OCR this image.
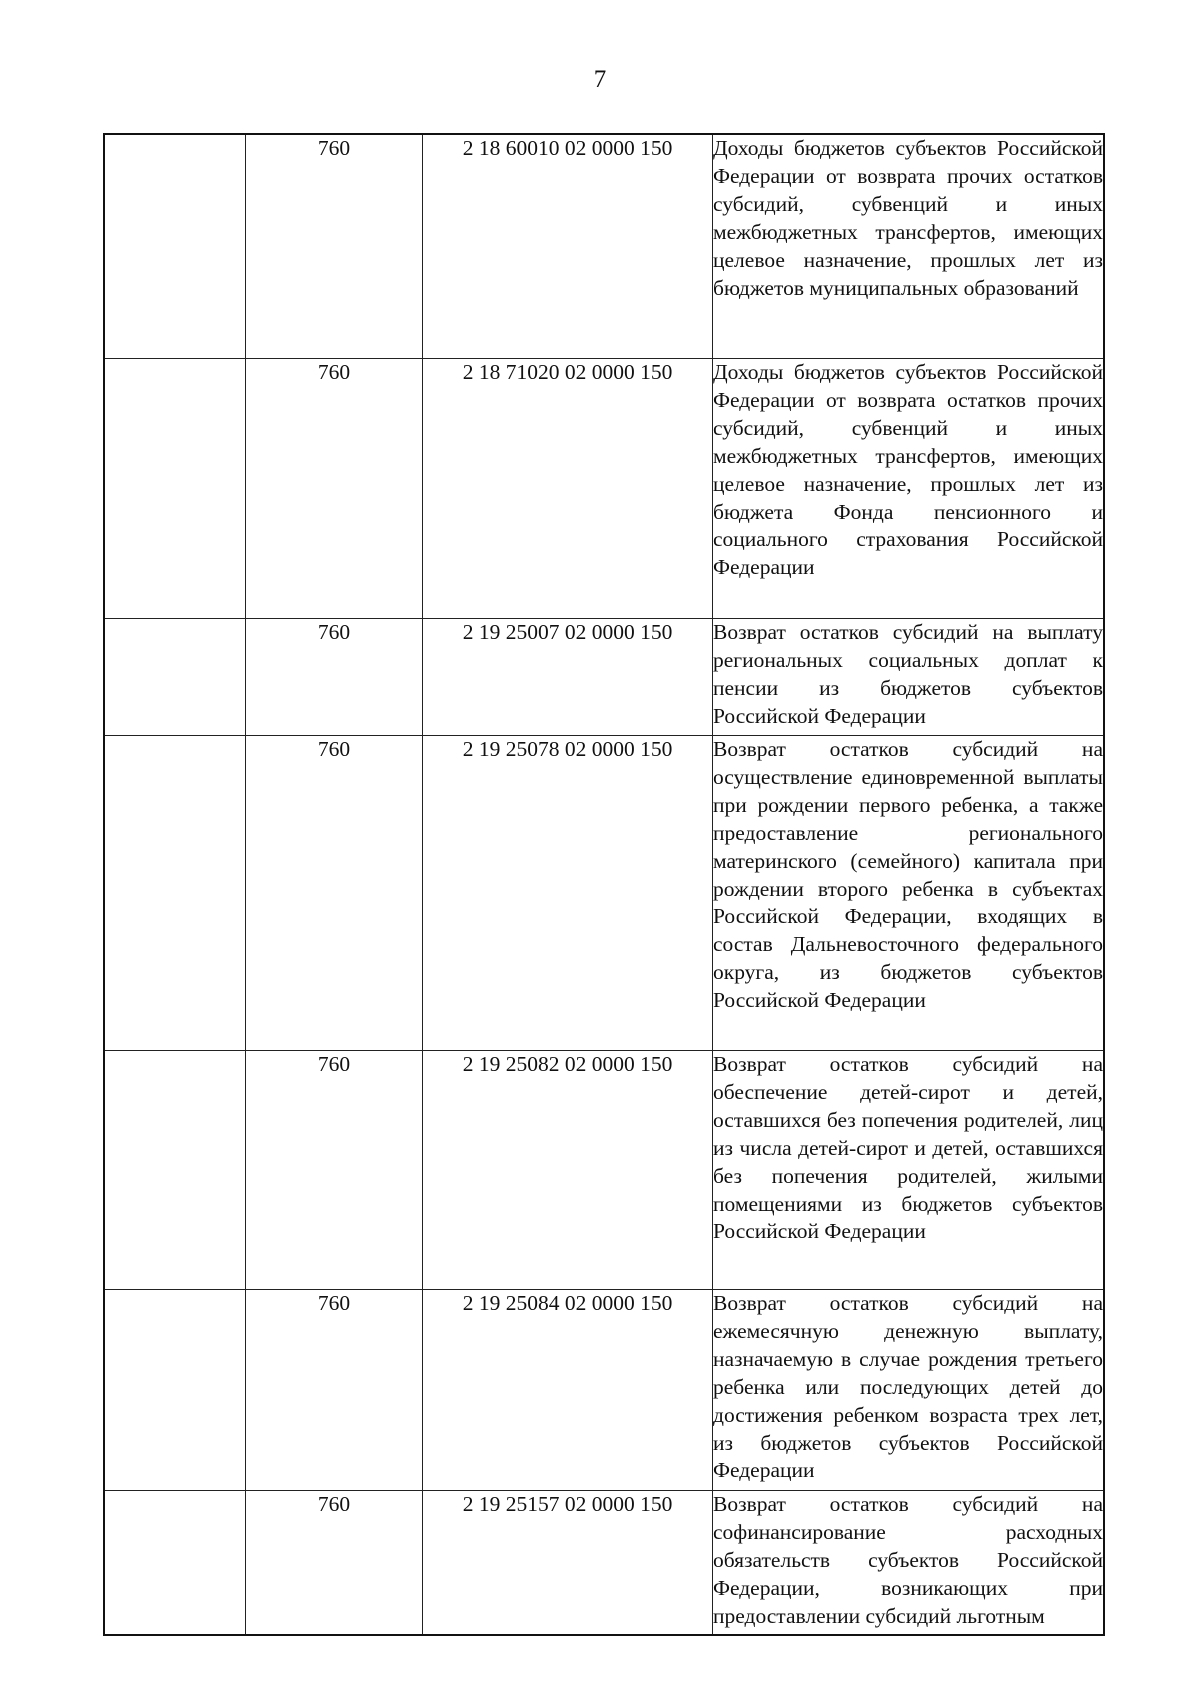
7
	760	2 18 60010 02 0000 150	Доходы бюджетов субъектов Российской Федерации от возврата прочих остатков субсидий, субвенций и иных межбюджетных трансфертов, имеющих целевое назначение, прошлых лет из бюджетов муниципальных образований

	760	2 18 71020 02 0000 150	Доходы бюджетов субъектов Российской Федерации от возврата остатков прочих субсидий, субвенций и иных межбюджетных трансфертов, имеющих целевое назначение, прошлых лет из бюджета Фонда пенсионного и социального страхования Российской Федерации

	760	2 19 25007 02 0000 150	Возврат остатков субсидий на выплату региональных социальных доплат к пенсии из бюджетов субъектов Российской Федерации

	760	2 19 25078 02 0000 150	Возврат остатков субсидий на осуществление единовременной выплаты при рождении первого ребенка, а также предоставление регионального материнского (семейного) капитала при рождении второго ребенка в субъектах Российской Федерации, входящих в состав Дальневосточного федерального округа, из бюджетов субъектов Российской Федерации

	760	2 19 25082 02 0000 150	Возврат остатков субсидий на обеспечение детей-сирот и детей, оставшихся без попечения родителей, лиц из числа детей-сирот и детей, оставшихся без попечения родителей, жилыми помещениями из бюджетов субъектов Российской Федерации

	760	2 19 25084 02 0000 150	Возврат остатков субсидий на ежемесячную денежную выплату, назначаемую в случае рождения третьего ребенка или последующих детей до достижения ребенком возраста трех лет, из бюджетов субъектов Российской Федерации

	760	2 19 25157 02 0000 150	Возврат остатков субсидий на софинансирование расходных обязательств субъектов Российской Федерации, возникающих при предоставлении субсидий льготным
